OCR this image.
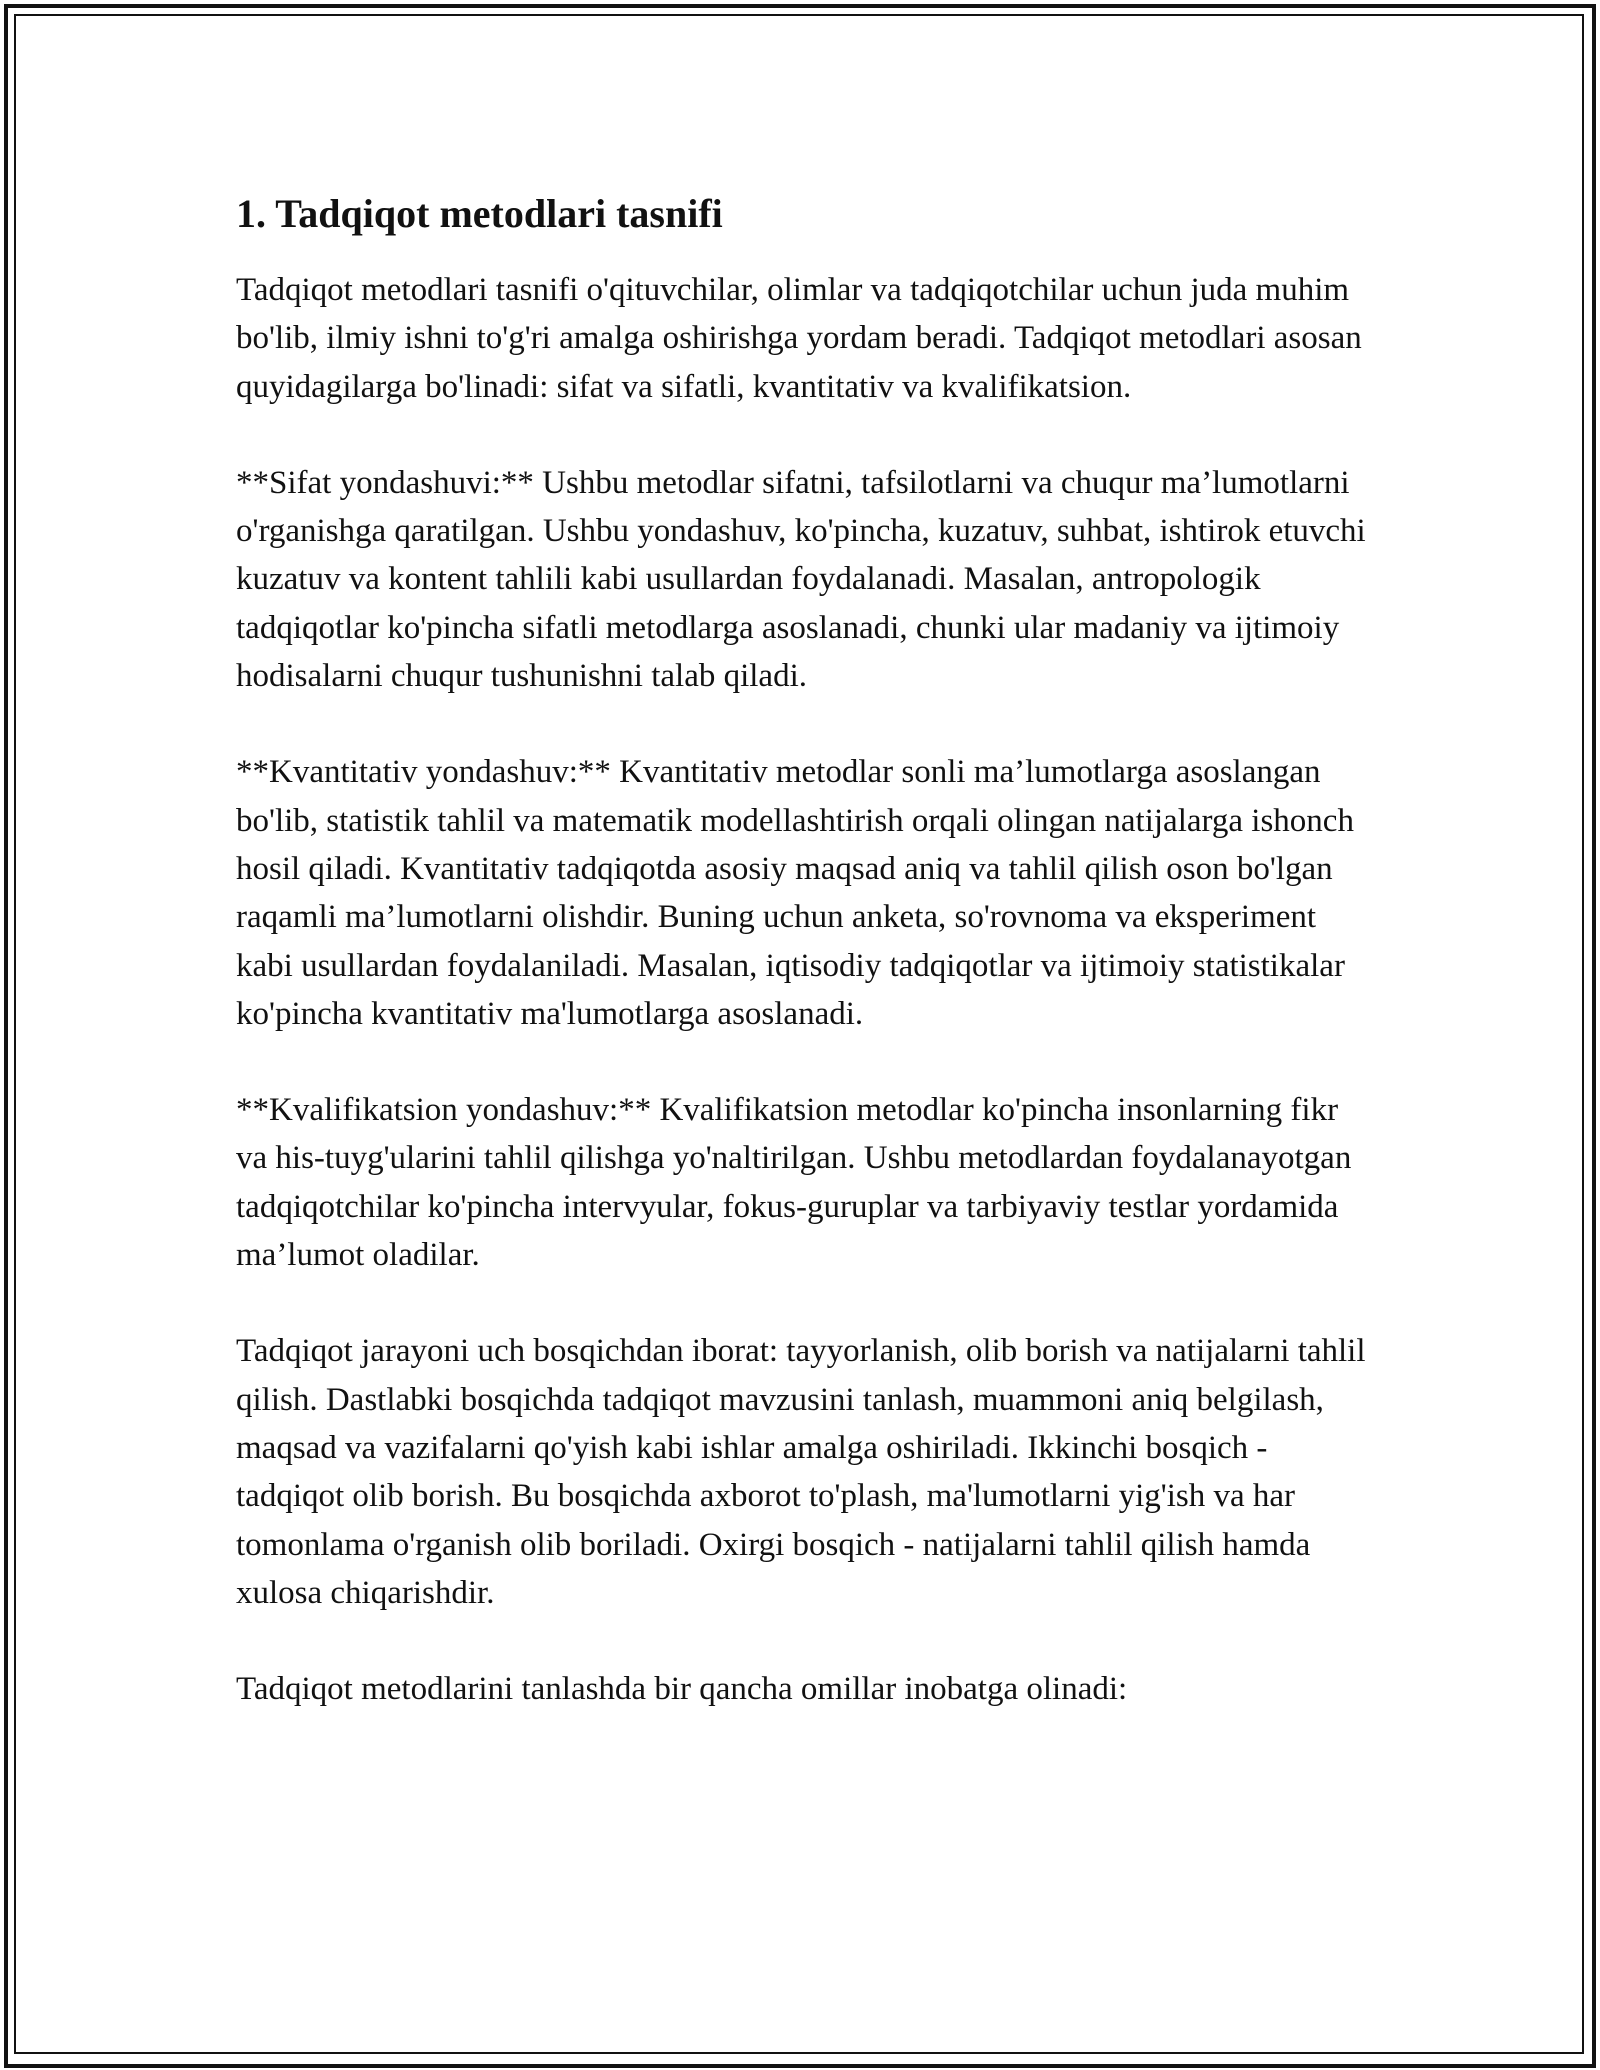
1. Tadqiqot metodlari tasnifi

Tadqiqot metodlari tasnifi o'qituvchilar, olimlar va tadqiqotchilar uchun juda muhim bo'lib, ilmiy ishni to'g'ri amalga oshirishga yordam beradi. Tadqiqot metodlari asosan quyidagilarga bo'linadi: sifat va sifatli, kvantitativ va kvalifikatsion.

**Sifat yondashuvi:** Ushbu metodlar sifatni, tafsilotlarni va chuqur ma’lumotlarni o'rganishga qaratilgan. Ushbu yondashuv, ko'pincha, kuzatuv, suhbat, ishtirok etuvchi kuzatuv va kontent tahlili kabi usullardan foydalanadi. Masalan, antropologik tadqiqotlar ko'pincha sifatli metodlarga asoslanadi, chunki ular madaniy va ijtimoiy hodisalarni chuqur tushunishni talab qiladi.

**Kvantitativ yondashuv:** Kvantitativ metodlar sonli ma’lumotlarga asoslangan bo'lib, statistik tahlil va matematik modellashtirish orqali olingan natijalarga ishonch hosil qiladi. Kvantitativ tadqiqotda asosiy maqsad aniq va tahlil qilish oson bo'lgan raqamli ma’lumotlarni olishdir. Buning uchun anketa, so'rovnoma va eksperiment kabi usullardan foydalaniladi. Masalan, iqtisodiy tadqiqotlar va ijtimoiy statistikalar ko'pincha kvantitativ ma'lumotlarga asoslanadi.

**Kvalifikatsion yondashuv:** Kvalifikatsion metodlar ko'pincha insonlarning fikr va his-tuyg'ularini tahlil qilishga yo'naltirilgan. Ushbu metodlardan foydalanayotgan tadqiqotchilar ko'pincha intervyular, fokus-guruplar va tarbiyaviy testlar yordamida ma’lumot oladilar.

Tadqiqot jarayoni uch bosqichdan iborat: tayyorlanish, olib borish va natijalarni tahlil qilish. Dastlabki bosqichda tadqiqot mavzusini tanlash, muammoni aniq belgilash, maqsad va vazifalarni qo'yish kabi ishlar amalga oshiriladi. Ikkinchi bosqich - tadqiqot olib borish. Bu bosqichda axborot to'plash, ma'lumotlarni yig'ish va har tomonlama o'rganish olib boriladi. Oxirgi bosqich - natijalarni tahlil qilish hamda xulosa chiqarishdir.

Tadqiqot metodlarini tanlashda bir qancha omillar inobatga olinadi:
